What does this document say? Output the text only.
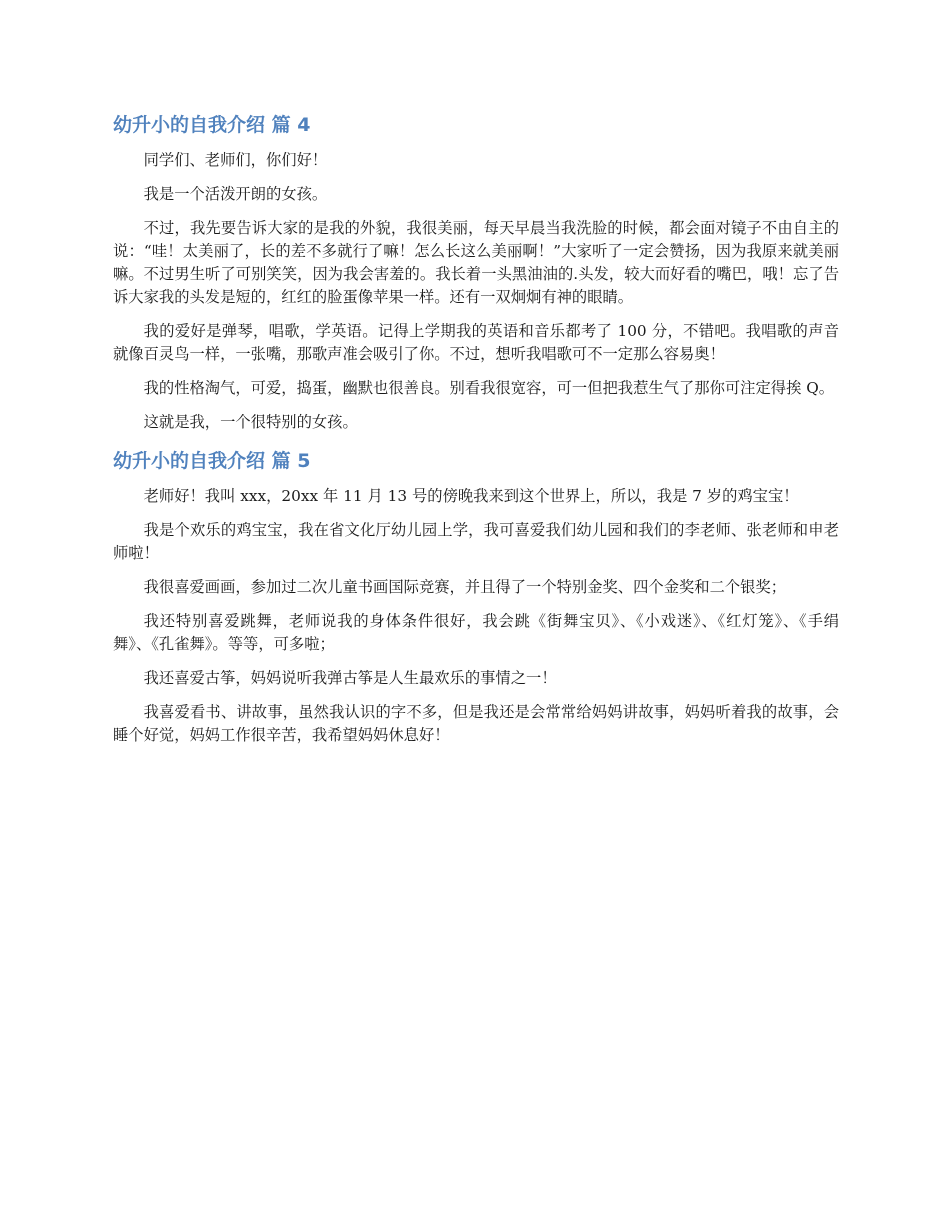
幼升小的自我介绍 篇 4

同学们、老师们，你们好！

我是一个活泼开朗的女孩。

不过，我先要告诉大家的是我的外貌，我很美丽，每天早晨当我洗脸的时候，都会面对镜子不由自主的说：“哇！太美丽了，长的差不多就行了嘛！怎么长这么美丽啊！”大家听了一定会赞扬，因为我原来就美丽嘛。不过男生听了可别笑笑，因为我会害羞的。我长着一头黑油油的.头发，较大而好看的嘴巴，哦！忘了告诉大家我的头发是短的，红红的脸蛋像苹果一样。还有一双炯炯有神的眼睛。

我的爱好是弹琴，唱歌，学英语。记得上学期我的英语和音乐都考了 100 分，不错吧。我唱歌的声音就像百灵鸟一样，一张嘴，那歌声准会吸引了你。不过，想听我唱歌可不一定那么容易奥！

我的性格淘气，可爱，捣蛋，幽默也很善良。别看我很宽容，可一但把我惹生气了那你可注定得挨 Q。

这就是我，一个很特别的女孩。

幼升小的自我介绍 篇 5

老师好！我叫 xxx，20xx 年 11 月 13 号的傍晚我来到这个世界上，所以，我是 7 岁的鸡宝宝！

我是个欢乐的鸡宝宝，我在省文化厅幼儿园上学，我可喜爱我们幼儿园和我们的李老师、张老师和申老师啦！

我很喜爱画画，参加过二次儿童书画国际竞赛，并且得了一个特别金奖、四个金奖和二个银奖；

我还特别喜爱跳舞，老师说我的身体条件很好，我会跳《街舞宝贝》、《小戏迷》、《红灯笼》、《手绢舞》、《孔雀舞》。等等，可多啦；

我还喜爱古筝，妈妈说听我弹古筝是人生最欢乐的事情之一！

我喜爱看书、讲故事，虽然我认识的字不多，但是我还是会常常给妈妈讲故事，妈妈听着我的故事，会睡个好觉，妈妈工作很辛苦，我希望妈妈休息好！
